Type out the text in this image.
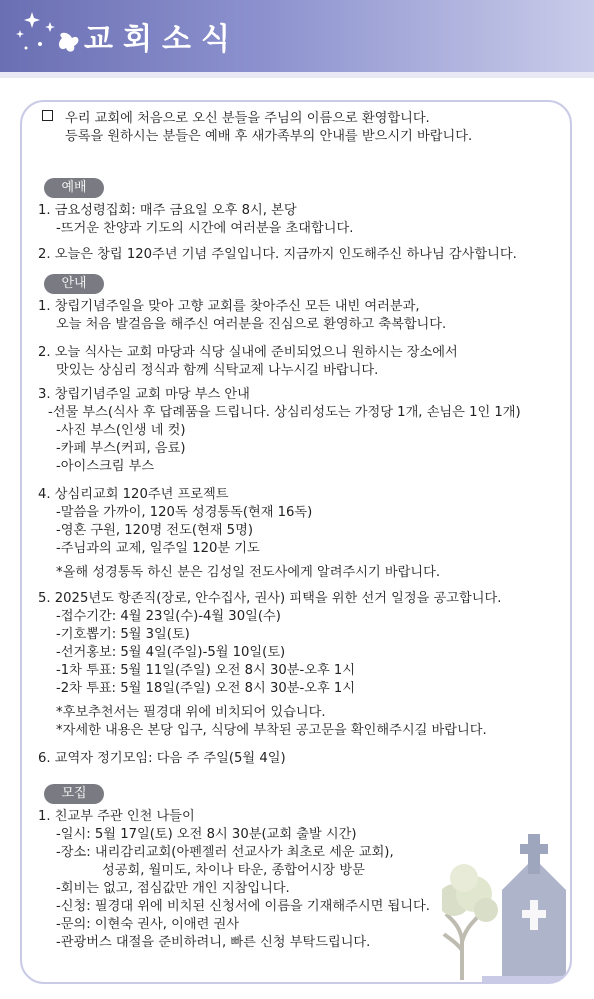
교회소식
우리 교회에 처음으로 오신 분들을 주님의 이름으로 환영합니다.
등록을 원하시는 분들은 예배 후 새가족부의 안내를 받으시기 바랍니다.
예배
1. 금요성령집회: 매주 금요일 오후 8시, 본당
-뜨거운 찬양과 기도의 시간에 여러분을 초대합니다.
2. 오늘은 창립 120주년 기념 주일입니다. 지금까지 인도해주신 하나님 감사합니다.
안내
1. 창립기념주일을 맞아 고향 교회를 찾아주신 모든 내빈 여러분과,
오늘 처음 발걸음을 해주신 여러분을 진심으로 환영하고 축복합니다.
2. 오늘 식사는 교회 마당과 식당 실내에 준비되었으니 원하시는 장소에서
맛있는 상심리 정식과 함께 식탁교제 나누시길 바랍니다.
3. 창립기념주일 교회 마당 부스 안내
-선물 부스(식사 후 답례품을 드립니다. 상심리성도는 가정당 1개, 손님은 1인 1개)
-사진 부스(인생 네 컷)
-카페 부스(커피, 음료)
-아이스크림 부스
4. 상심리교회 120주년 프로젝트
-말씀을 가까이, 120독 성경통독(현재 16독)
-영혼 구원, 120명 전도(현재 5명)
-주님과의 교제, 일주일 120분 기도
*올해 성경통독 하신 분은 김성일 전도사에게 알려주시기 바랍니다.
5. 2025년도 항존직(장로, 안수집사, 권사) 피택을 위한 선거 일정을 공고합니다.
-접수기간: 4월 23일(수)-4월 30일(수)
-기호뽑기: 5월 3일(토)
-선거홍보: 5월 4일(주일)-5월 10일(토)
-1차 투표: 5월 11일(주일) 오전 8시 30분-오후 1시
-2차 투표: 5월 18일(주일) 오전 8시 30분-오후 1시
*후보추천서는 필경대 위에 비치되어 있습니다.
*자세한 내용은 본당 입구, 식당에 부착된 공고문을 확인해주시길 바랍니다.
6. 교역자 정기모임: 다음 주 주일(5월 4일)
모집
1. 친교부 주관 인천 나들이
-일시: 5월 17일(토) 오전 8시 30분(교회 출발 시간)
-장소: 내리감리교회(아펜젤러 선교사가 최초로 세운 교회),
성공회, 월미도, 차이나 타운, 종합어시장 방문
-회비는 없고, 점심값만 개인 지참입니다.
-신청: 필경대 위에 비치된 신청서에 이름을 기재해주시면 됩니다.
-문의: 이현숙 권사, 이애련 권사
-관광버스 대절을 준비하려니, 빠른 신청 부탁드립니다.
